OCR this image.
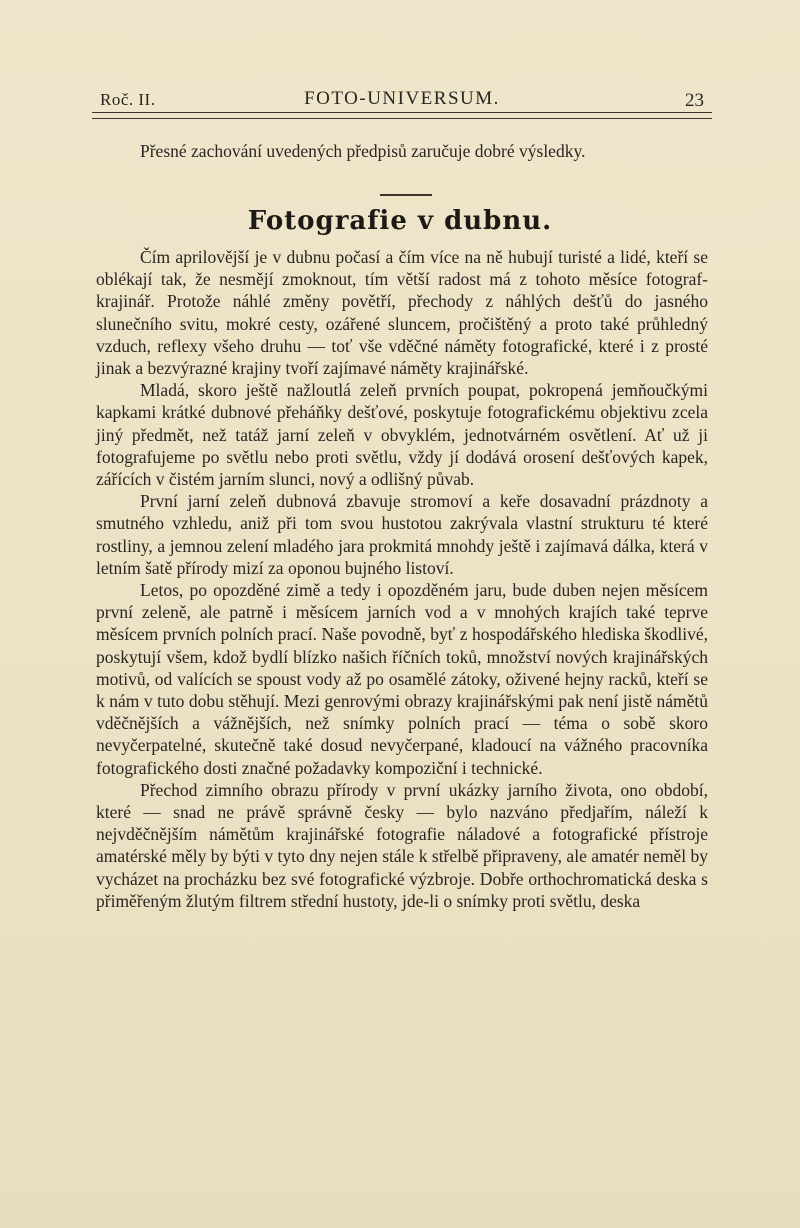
Roč. II.	FOTO-UNIVERSUM.	23

Přesné zachování uvedených předpisů zaručuje dobré výsledky.

Fotografie v dubnu.

Čím aprilovější je v dubnu počasí a čím více na ně hubují turisté a lidé, kteří se oblékají tak, že nesmějí zmoknout, tím větší radost má z tohoto měsíce fotograf-krajinář. Protože náhlé změny povětří, přechody z náhlých dešťů do jasného slunečního svitu, mokré cesty, ozářené sluncem, pročištěný a proto také průhledný vzduch, reflexy všeho druhu — toť vše vděčné náměty fotografické, které i z prosté jinak a bezvýrazné krajiny tvoří zajímavé náměty krajinářské.

Mladá, skoro ještě nažloutlá zeleň prvních poupat, pokropená jemňoučkými kapkami krátké dubnové přeháňky dešťové, poskytuje fotografickému objektivu zcela jiný předmět, než tatáž jarní zeleň v obvyklém, jednotvárném osvětlení. Ať už ji fotografujeme po světlu nebo proti světlu, vždy jí dodává orosení dešťových kapek, zářících v čistém jarním slunci, nový a odlišný půvab.

První jarní zeleň dubnová zbavuje stromoví a keře dosavadní prázdnoty a smutného vzhledu, aniž při tom svou hustotou zakrývala vlastní strukturu té které rostliny, a jemnou zelení mladého jara prokmitá mnohdy ještě i zajímavá dálka, která v letním šatě přírody mizí za oponou bujného listoví.

Letos, po opozděné zimě a tedy i opozděném jaru, bude duben nejen měsícem první zeleně, ale patrně i měsícem jarních vod a v mnohých krajích také teprve měsícem prvních polních prací. Naše povodně, byť z hospodářského hlediska škodlivé, poskytují všem, kdož bydlí blízko našich říčních toků, množství nových krajinářských motivů, od valících se spoust vody až po osamělé zátoky, oživené hejny racků, kteří se k nám v tuto dobu stěhují. Mezi genrovými obrazy krajinářskými pak není jistě námětů vděčnějších a vážnějších, než snímky polních prací — téma o sobě skoro nevyčerpatelné, skutečně také dosud nevyčerpané, kladoucí na vážného pracovníka fotografického dosti značné požadavky kompoziční i technické.

Přechod zimního obrazu přírody v první ukázky jarního života, ono období, které — snad ne právě správně česky — bylo nazváno předjařím, náleží k nejvděčnějším námětům krajinářské fotografie náladové a fotografické přístroje amatérské měly by býti v tyto dny nejen stále k střelbě připraveny, ale amatér neměl by vycházet na procházku bez své fotografické výzbroje. Dobře orthochromatická deska s přiměřeným žlutým filtrem střední hustoty, jde-li o snímky proti světlu, deska
